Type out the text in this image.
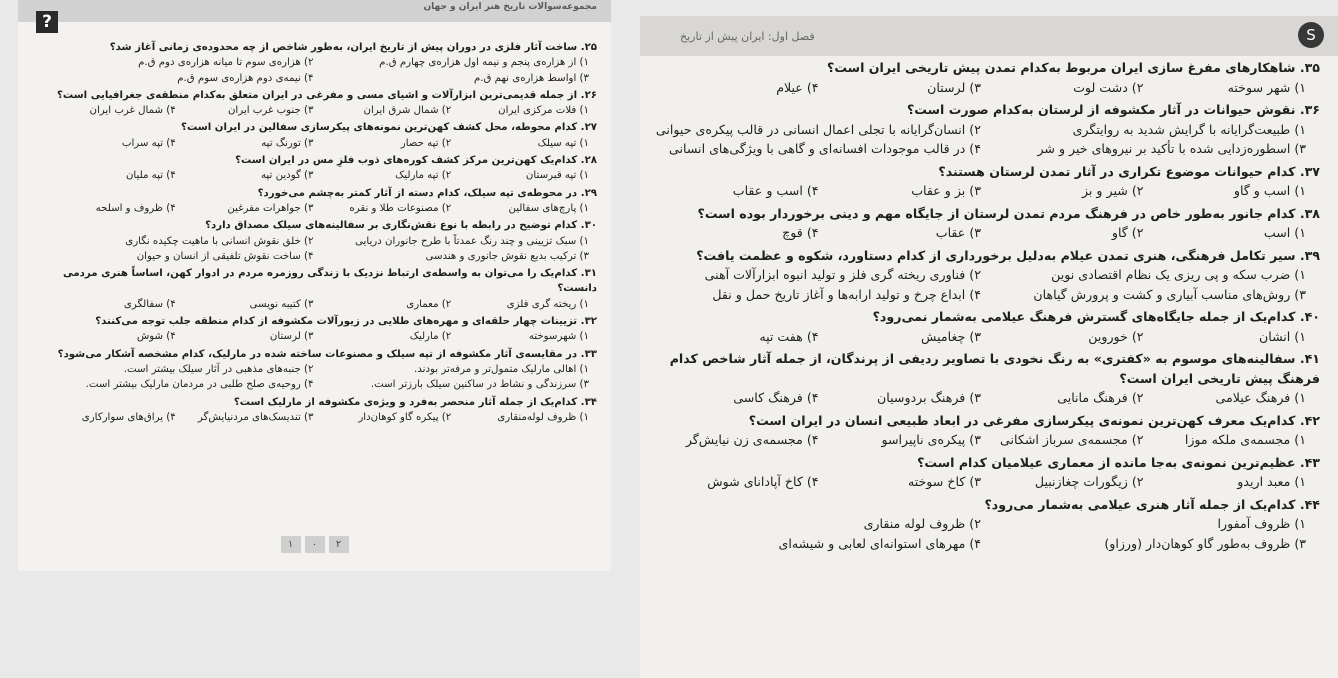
مجموعه‌سوالات تاریخ هنر ایران و جهان
?
۲۵. ساخت آثار فلزی در دوران پیش از تاریخ ایران، به‌طور شاخص از چه محدوده‌ی زمانی آغاز شد؟
۱) از هزاره‌ی پنجم و نیمه اول هزاره‌ی چهارم ق.م
۲) هزاره‌ی سوم تا میانه هزاره‌ی دوم ق.م
۳) اواسط هزاره‌ی نهم ق.م
۴) نیمه‌ی دوم هزاره‌ی سوم ق.م
۲۶. از جمله قدیمی‌ترین ابزارآلات و اشیای مسی و مفرغی در ایران متعلق به‌کدام منطقه‌ی جغرافیایی است؟
۱) فلات مرکزی ایران
۲) شمال شرق ایران
۳) جنوب غرب ایران
۴) شمال غرب ایران
۲۷. کدام محوطه، محل کشف کهن‌ترین نمونه‌های پیکرسازی سفالین در ایران است؟
۱) تپه سیلک
۲) تپه حصار
۳) تورنگ تپه
۴) تپه سراب
۲۸. کدام‌یک کهن‌ترین مرکز کشف کوره‌های ذوب فلزِ مس در ایران است؟
۱) تپه قبرستان
۲) تپه مارلیک
۳) گودین تپه
۴) تپه ملیان
۲۹. در محوطه‌ی تپه سیلک، کدام دسته از آثار کمتر به‌چشم می‌خورد؟
۱) پارچ‌های سفالین
۲) مصنوعات طلا و نقره
۳) جواهرات مفرغین
۴) ظروف و اسلحه
۳۰. کدام توضیح در رابطه با نوع نقش‌نگاری بر سفالینه‌های سیلک مصداق دارد؟
۱) سبک تزیینی و چند رنگ عمدتاً با طرح جانوران دریایی
۲) خلق نقوش انسانی با ماهیت چکیده نگاری
۳) ترکیب بدیع نقوش جانوری و هندسی
۴) ساخت نقوش تلفیقی از انسان و حیوان
۳۱. کدام‌یک را می‌توان به واسطه‌ی ارتباط نزدیک با زندگی روزمره مردم در ادوار کهن، اساساً هنری مردمی دانست؟
۱) ریخته گری فلزی
۲) معماری
۳) کتیبه نویسی
۴) سفالگری
۳۲. تزیینات چهار حلقه‌ای و مهره‌های طلایی در زیورآلات مکشوفه از کدام منطقه جلب توجه می‌کنند؟
۱) شهرسوخته
۲) مارلیک
۳) لرستان
۴) شوش
۳۳. در مقایسه‌ی آثار مکشوفه از تپه سیلک و مصنوعات ساخته شده در مارلیک، کدام مشخصه آشکار می‌شود؟
۱) اهالی مارلیک متمول‌تر و مرفه‌تر بودند.
۲) جنبه‌های مذهبی در آثار سیلک بیشتر است.
۳) سرزندگی و نشاط در ساکنین سیلک بارزتر است.
۴) روحیه‌ی صلح طلبی در مردمان مارلیک بیشتر است.
۳۴. کدام‌یک از جمله آثار منحصر به‌فرد و ویژه‌ی مکشوفه از مارلیک است؟
۱) ظروف لوله‌منقاری
۲) پیکره گاو کوهان‌دار
۳) تندیسک‌های مردنیایش‌گر
۴) یراق‌های سوارکاری
۱ ۰ ۲
S
فصل اول: ایران پیش از تاریخ
۳۵. شاهکارهای مفرغ سازی ایران مربوط به‌کدام تمدن پیش تاریخی ایران است؟
۱) شهر سوخته
۲) دشت لوت
۳) لرستان
۴) عیلام
۳۶. نقوش حیوانات در آثار مکشوفه از لرستان به‌کدام صورت است؟
۱) طبیعت‌گرایانه با گرایش شدید به روایتگری
۲) انسان‌گرایانه با تجلی اعمال انسانی در قالب پیکره‌ی حیوانی
۳) اسطوره‌زدایی شده با تأکید بر نیروهای خیر و شر
۴) در قالب موجودات افسانه‌ای و گاهی با ویژگی‌های انسانی
۳۷. کدام حیوانات موضوع تکراری در آثار تمدن لرستان هستند؟
۱) اسب و گاو
۲) شیر و بز
۳) بز و عقاب
۴) اسب و عقاب
۳۸. کدام جانور به‌طور خاص در فرهنگ مردم تمدن لرستان از جایگاه مهم و دینی برخوردار بوده است؟
۱) اسب
۲) گاو
۳) عقاب
۴) قوچ
۳۹. سیر تکامل فرهنگی، هنری تمدن عیلام به‌دلیل برخورداری از کدام دستاورد، شکوه و عظمت یافت؟
۱) ضرب سکه و پی ریزی یک نظام اقتصادی نوین
۲) فناوری ریخته گری فلز و تولید انبوه ابزارآلات آهنی
۳) روش‌های مناسب آبیاری و کشت و پرورش گیاهان
۴) ابداع چرخ و تولید ارابه‌ها و آغاز تاریخ حمل و نقل
۴۰. کدام‌یک از جمله جایگاه‌های گسترش فرهنگ عیلامی به‌شمار نمی‌رود؟
۱) انشان
۲) خوروین
۳) چغامیش
۴) هفت تپه
۴۱. سفالینه‌های موسوم به «کفتری» به رنگ نخودی با تصاویر ردیفی از پرندگان، از جمله آثار شاخص کدام فرهنگ پیش تاریخی ایران است؟
۱) فرهنگ عیلامی
۲) فرهنگ مانایی
۳) فرهنگ بردوسیان
۴) فرهنگ کاسی
۴۲. کدام‌یک معرف کهن‌ترین نمونه‌ی پیکرسازی مفرغی در ابعاد طبیعی انسان در ایران است؟
۱) مجسمه‌ی ملکه موزا
۲) مجسمه‌ی سرباز اشکانی
۳) پیکره‌ی ناپیراسو
۴) مجسمه‌ی زن نیایش‌گر
۴۳. عظیم‌ترین نمونه‌ی به‌جا مانده از معماری عیلامیان کدام است؟
۱) معبد اریدو
۲) زیگورات چغازنبیل
۳) کاخ سوخته
۴) کاخ آپادانای شوش
۴۴. کدام‌یک از جمله آثار هنری عیلامی به‌شمار می‌رود؟
۱) ظروف آمفورا
۲) ظروف لوله منقاری
۳) ظروف به‌طور گاو کوهان‌دار (ورزاو)
۴) مهرهای استوانه‌ای لعابی و شیشه‌ای
